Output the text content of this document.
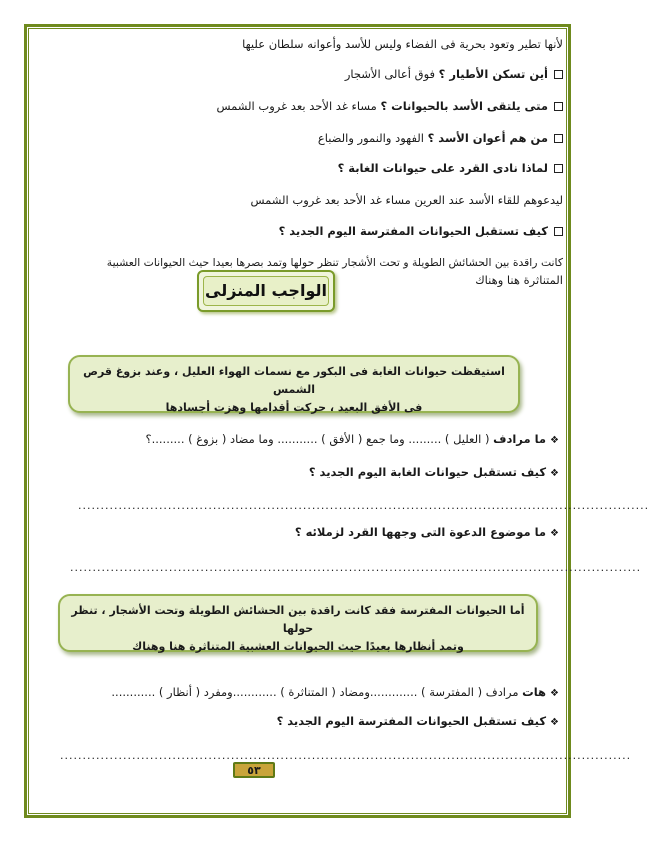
لأنها تطير وتعود بحرية فى الفضاء وليس للأسد وأعوانه سلطان عليها
أين تسكن الأطيار ؟ فوق أعالى الأشجار
متى يلتقى الأسد بالحيوانات ؟ مساء غد الأحد بعد غروب الشمس
من هم أعوان الأسد ؟ الفهود والنمور والضباع
لماذا نادى القرد على حيوانات الغابة ؟
ليدعوهم للقاء الأسد عند العرين مساء غد الأحد بعد غروب الشمس
كيف تستقبل الحيوانات المفترسة اليوم الجديد ؟
كانت راقدة بين الحشائش الطويلة و تحت الأشجار تنظر حولها وتمد بصرها بعيدا حيث الحيوانات العشبية
المتناثرة هنا وهناك
الواجب المنزلى
استيقظت حيوانات الغابة فى البكور مع نسمات الهواء العليل ، وعند بزوغ قرص الشمس
فى الأفق البعيد ، حركت أقدامها وهزت أجسادها
❖ما مرادف ( العليل ) ......... وما جمع ( الأفق ) ........... وما مضاد ( بزوغ ) .........؟
❖كيف تستقبل حيوانات الغابة اليوم الجديد ؟
...............................................................................................................................
❖ما موضوع الدعوة التى وجهها القرد لزملائه ؟
...............................................................................................................................
أما الحيوانات المفترسة فقد كانت راقدة بين الحشائش الطويلة وتحت الأشجار ، تنظر حولها
وتمد أنظارها بعيدًا حيث الحيوانات العشبية المتناثرة هنا وهناك
❖هات مرادف ( المفترسة ) .............ومضاد ( المتناثرة ) ............ومفرد ( أنظار ) ............
❖كيف تستقبل الحيوانات المفترسة اليوم الجديد ؟
...............................................................................................................................
٥٣
